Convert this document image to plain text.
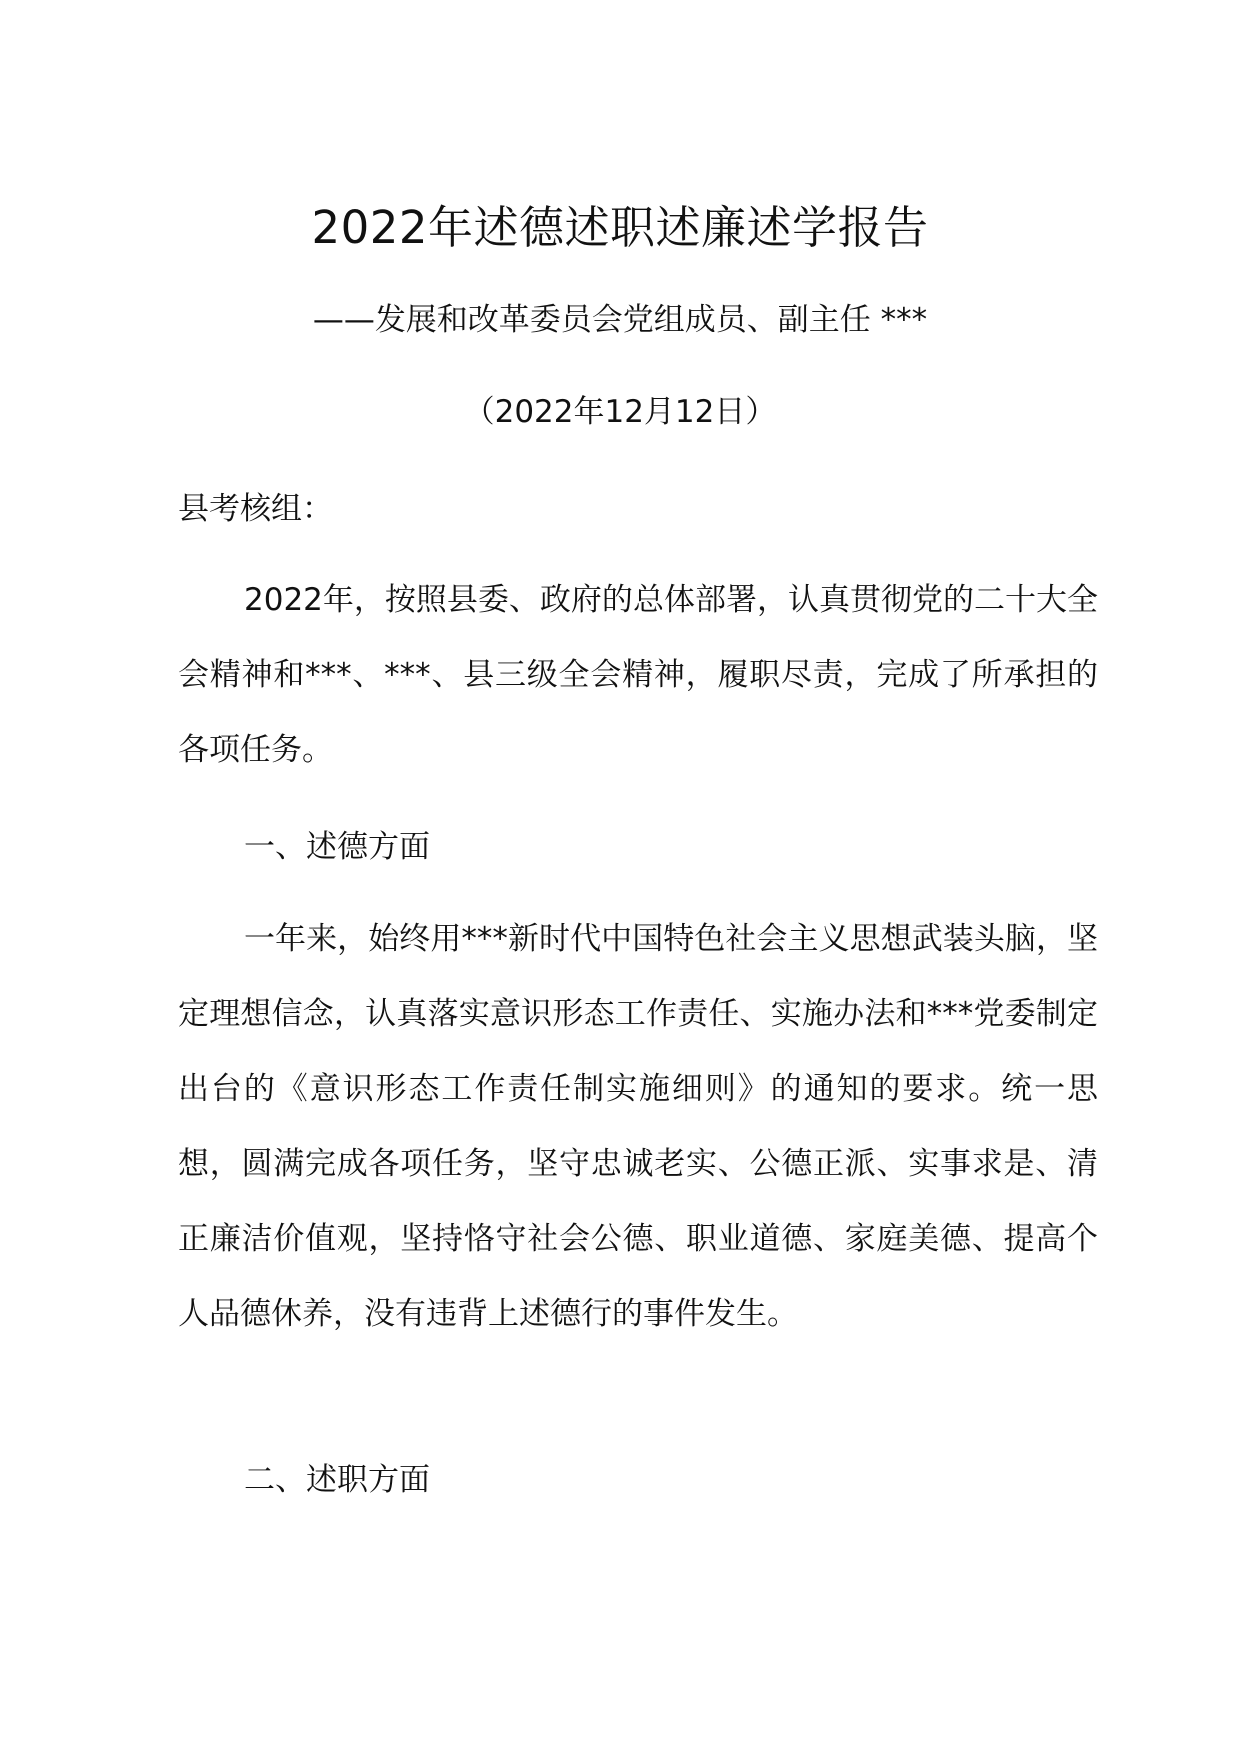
2022年述德述职述廉述学报告

——发展和改革委员会党组成员、副主任 ***

（2022年12月12日）

县考核组：

2022年，按照县委、政府的总体部署，认真贯彻党的二十大全会精神和***、***、县三级全会精神，履职尽责，完成了所承担的各项任务。

一、述德方面

一年来，始终用***新时代中国特色社会主义思想武装头脑，坚定理想信念，认真落实意识形态工作责任、实施办法和***党委制定出台的《意识形态工作责任制实施细则》的通知的要求。统一思想，圆满完成各项任务，坚守忠诚老实、公德正派、实事求是、清正廉洁价值观，坚持恪守社会公德、职业道德、家庭美德、提高个人品德休养，没有违背上述德行的事件发生。

二、述职方面
